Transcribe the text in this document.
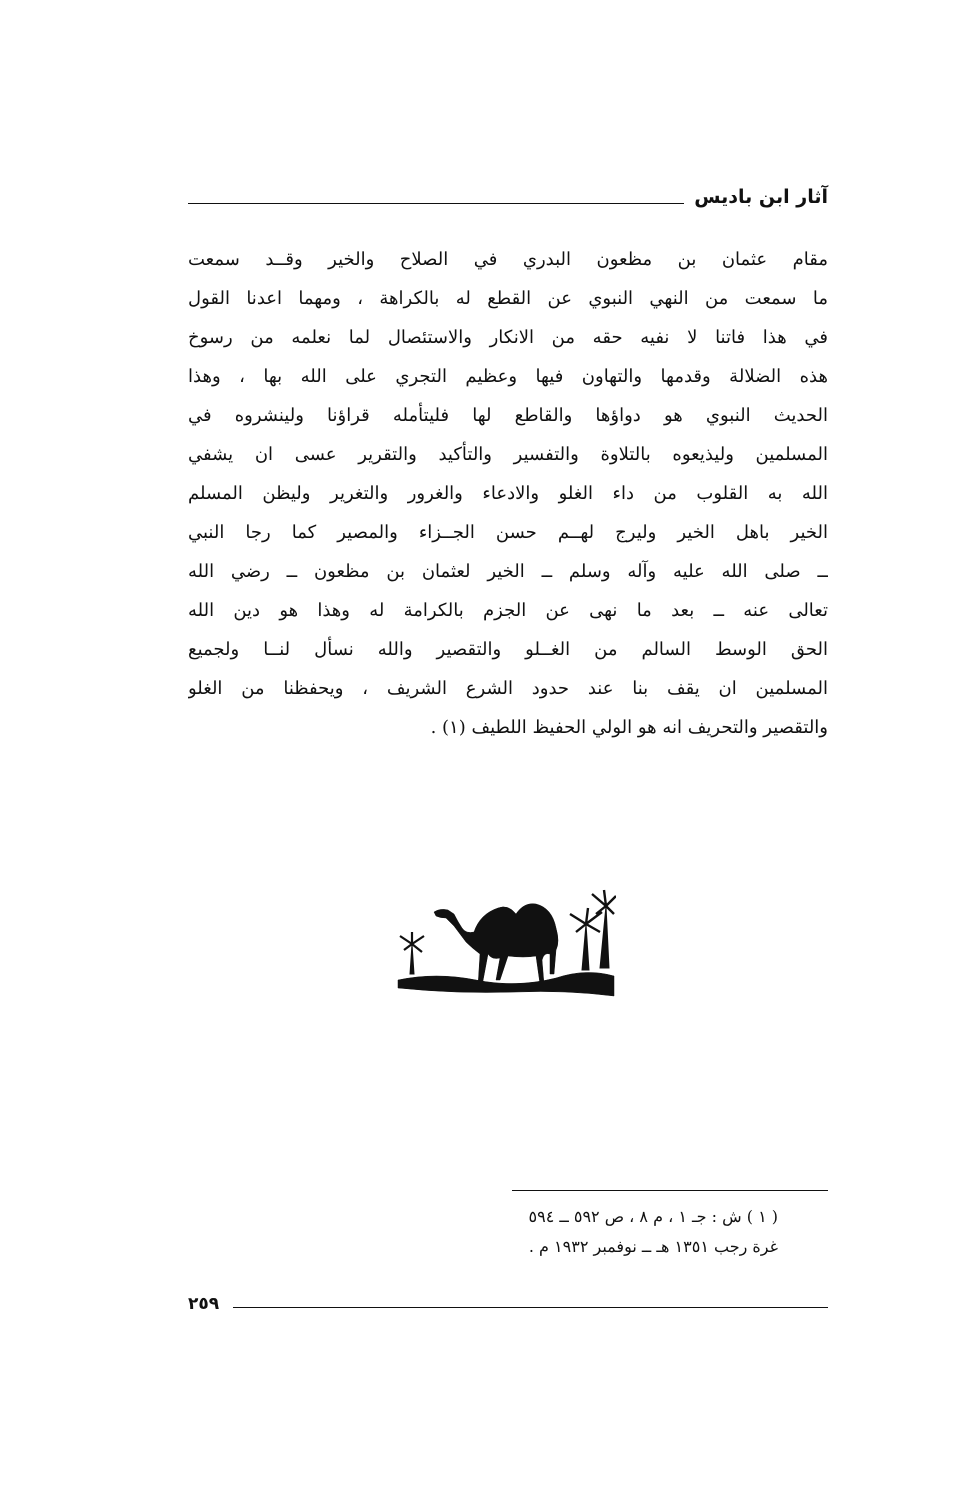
آثار ابن باديس
مقام عثمان بن مظعون البدري في الصلاح والخير وقــد سمعت
ما سمعت من النهي النبوي عن القطع له بالكراهة ، ومهما اعدنا القول
في هذا فاتنا لا نفيه حقه من الانكار والاستئصال لما نعلمه من رسوخ
هذه الضلالة وقدمها والتهاون فيها وعظيم التجري على الله بها ، وهذا
الحديث النبوي هو دواؤها والقاطع لها فليتأمله قراؤنا ولينشروه في
المسلمين وليذيعوه بالتلاوة والتفسير والتأكيد والتقرير عسى ان يشفي
الله به القلوب من داء الغلو والادعاء والغرور والتغرير وليظن المسلم
الخير باهل الخير وليرج لهــم حسن الجــزاء والمصير كما رجا النبي
ــ صلى الله عليه وآله وسلم ــ الخير لعثمان بن مظعون ــ رضي الله
تعالى عنه ــ بعد ما نهى عن الجزم بالكرامة له وهذا هو دين الله
الحق الوسط السالم من الغــلو والتقصير والله نسأل لنــا ولجميع
المسلمين ان يقف بنا عند حدود الشرع الشريف ، ويحفظنا من الغلو
والتقصير والتحريف انه هو الولي الحفيظ اللطيف (١) .
( ١ ) ش : جـ ١ ، م ٨ ، ص ٥٩٢ ــ ٥٩٤
غرة رجب ١٣٥١ هـ ــ نوفمبر ١٩٣٢ م .
٢٥٩
